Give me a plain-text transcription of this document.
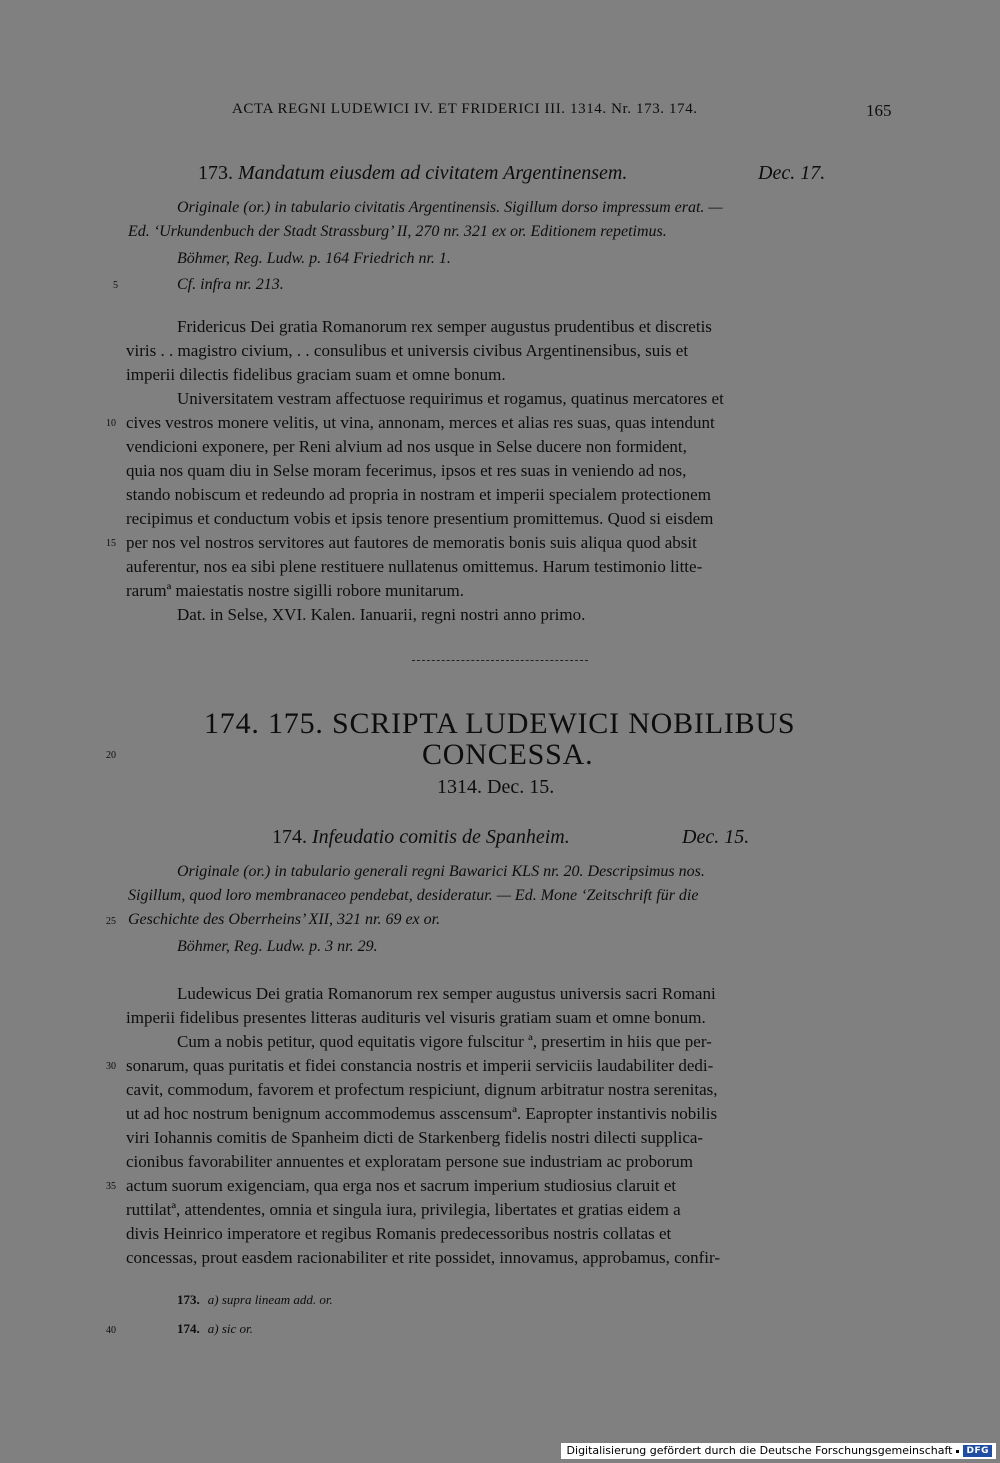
ACTA REGNI LUDEWICI IV. ET FRIDERICI III. 1314. Nr. 173. 174.	165
173. Mandatum eiusdem ad civitatem Argentinensem.	Dec. 17.
Originale (or.) in tabulario civitatis Argentinensis. Sigillum dorso impressum erat. —
Ed. ‘Urkundenbuch der Stadt Strassburg’ II, 270 nr. 321 ex or. Editionem repetimus.
Böhmer, Reg. Ludw. p. 164 Friedrich nr. 1.
5	Cf. infra nr. 213.
Fridericus Dei gratia Romanorum rex semper augustus prudentibus et discretis
viris . . magistro civium, . . consulibus et universis civibus Argentinensibus, suis et
imperii dilectis fidelibus graciam suam et omne bonum.
Universitatem vestram affectuose requirimus et rogamus, quatinus mercatores et
10 cives vestros monere velitis, ut vina, annonam, merces et alias res suas, quas intendunt
vendicioni exponere, per Reni alvium ad nos usque in Selse ducere non formident,
quia nos quam diu in Selse moram fecerimus, ipsos et res suas in veniendo ad nos,
stando nobiscum et redeundo ad propria in nostram et imperii specialem protectionem
recipimus et conductum vobis et ipsis tenore presentium promittemus. Quod si eisdem
15 per nos vel nostros servitores aut fautores de memoratis bonis suis aliqua quod absit
auferentur, nos ea sibi plene restituere nullatenus omittemus. Harum testimonio litte-
rarumª maiestatis nostre sigilli robore munitarum.
Dat. in Selse, XVI. Kalen. Ianuarii, regni nostri anno primo.
174. 175. SCRIPTA LUDEWICI NOBILIBUS
20	CONCESSA.
1314. Dec. 15.
174. Infeudatio comitis de Spanheim.	Dec. 15.
Originale (or.) in tabulario generali regni Bawarici KLS nr. 20. Descripsimus nos.
Sigillum, quod loro membranaceo pendebat, desideratur. — Ed. Mone ‘Zeitschrift für die
25 Geschichte des Oberrheins’ XII, 321 nr. 69 ex or.
Böhmer, Reg. Ludw. p. 3 nr. 29.
Ludewicus Dei gratia Romanorum rex semper augustus universis sacri Romani
imperii fidelibus presentes litteras audituris vel visuris gratiam suam et omne bonum.
Cum a nobis petitur, quod equitatis vigore fulscitur ª, presertim in hiis que per-
30 sonarum, quas puritatis et fidei constancia nostris et imperii serviciis laudabiliter dedi-
cavit, commodum, favorem et profectum respiciunt, dignum arbitratur nostra serenitas,
ut ad hoc nostrum benignum accommodemus asscensumª. Eapropter instantivis nobilis
viri Iohannis comitis de Spanheim dicti de Starkenberg fidelis nostri dilecti supplica-
cionibus favorabiliter annuentes et exploratam persone sue industriam ac proborum
35 actum suorum exigenciam, qua erga nos et sacrum imperium studiosius claruit et
ruttilatª, attendentes, omnia et singula iura, privilegia, libertates et gratias eidem a
divis Heinrico imperatore et regibus Romanis predecessoribus nostris collatas et
concessas, prout easdem racionabiliter et rite possidet, innovamus, approbamus, confir-
173. a) supra lineam add. or.
40	174. a) sic or.
Digitalisierung gefördert durch die Deutsche Forschungsgemeinschaft	DFG
